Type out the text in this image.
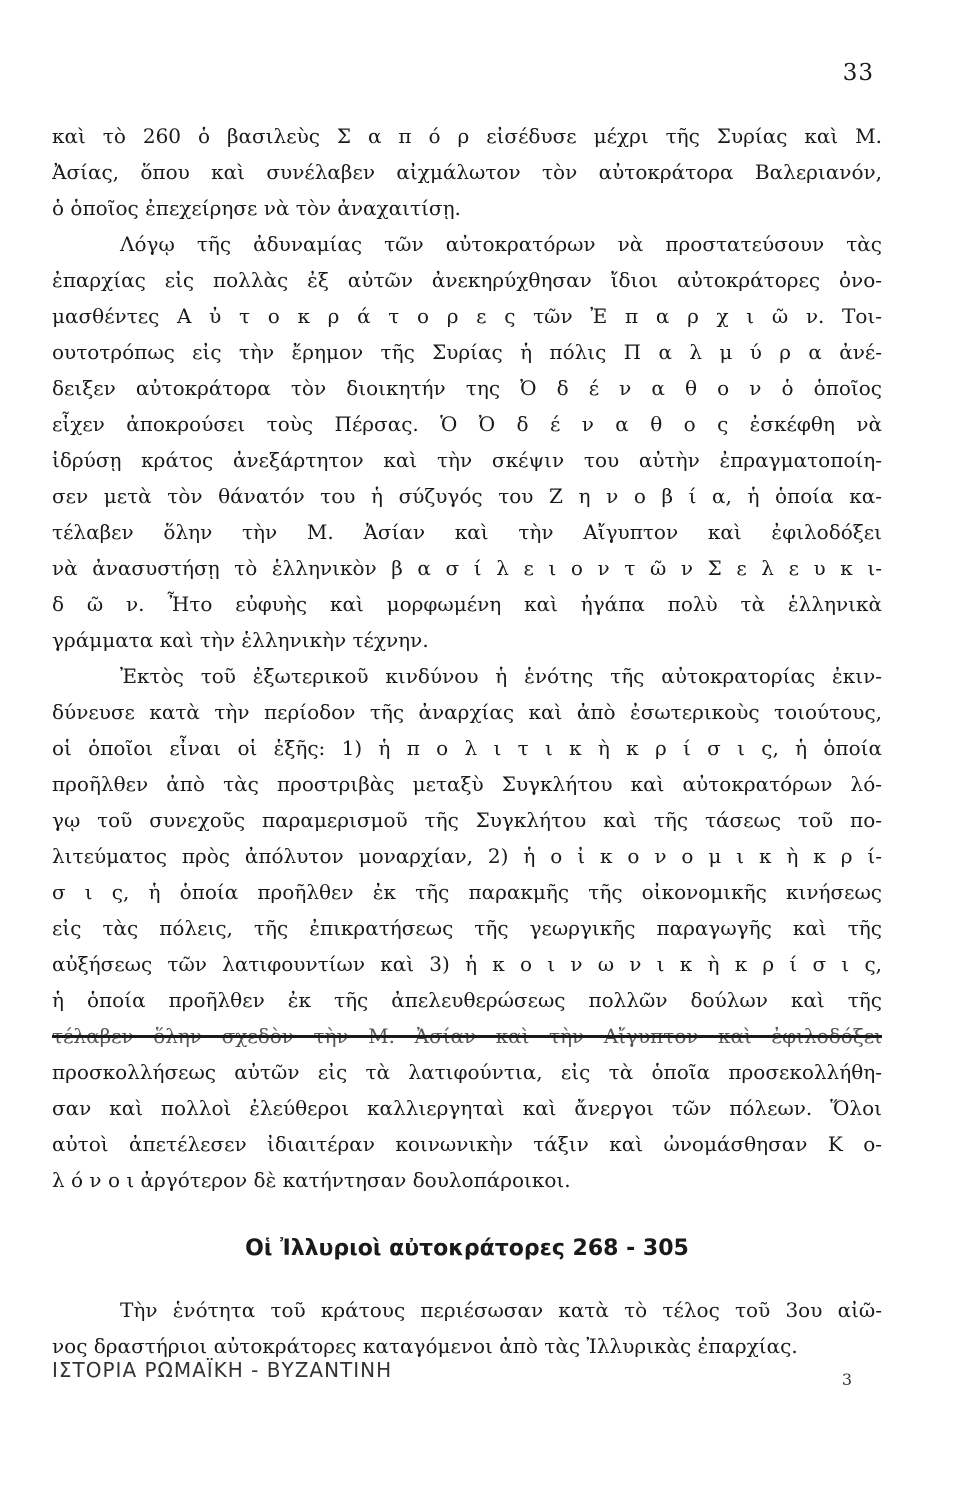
33
καὶ τὸ 260 ὁ βασιλεὺς Σ α π ό ρ εἰσέδυσε μέχρι τῆς Συρίας καὶ Μ.
Ἀσίας, ὅπου καὶ συνέλαβεν αἰχμάλωτον τὸν αὐτοκράτορα Βαλεριανόν,
ὁ ὁποῖος ἐπεχείρησε νὰ τὸν ἀναχαιτίσῃ.
Λόγῳ τῆς ἀδυναμίας τῶν αὐτοκρατόρων νὰ προστατεύσουν τὰς
ἐπαρχίας εἰς πολλὰς ἐξ αὐτῶν ἀνεκηρύχθησαν ἴδιοι αὐτοκράτορες ὀνο-
μασθέντες Α ὐ τ ο κ ρ ά τ ο ρ ε ς τῶν Ἐ π α ρ χ ι ῶ ν. Τοι-
ουτοτρόπως εἰς τὴν ἔρημον τῆς Συρίας ἡ πόλις Π α λ μ ύ ρ α ἀνέ-
δειξεν αὐτοκράτορα τὸν διοικητήν της Ὀ δ έ ν α θ ο ν ὁ ὁποῖος
εἶχεν ἀποκρούσει τοὺς Πέρσας. Ὁ Ὀ δ έ ν α θ ο ς ἐσκέφθη νὰ
ἱδρύσῃ κράτος ἀνεξάρτητον καὶ τὴν σκέψιν του αὐτὴν ἐπραγματοποίη-
σεν μετὰ τὸν θάνατόν του ἡ σύζυγός του Ζ η ν ο β ί α, ἡ ὁποία κα-
τέλαβεν ὅλην τὴν Μ. Ἀσίαν καὶ τὴν Αἴγυπτον καὶ ἐφιλοδόξει
νὰ ἀνασυστήσῃ τὸ ἑλληνικὸν β α σ ί λ ε ι ο ν τ ῶ ν Σ ε λ ε υ κ ι-
δ ῶ ν. Ἦτο εὐφυὴς καὶ μορφωμένη καὶ ἠγάπα πολὺ τὰ ἑλληνικὰ
γράμματα καὶ τὴν ἑλληνικὴν τέχνην.
Ἐκτὸς τοῦ ἐξωτερικοῦ κινδύνου ἡ ἑνότης τῆς αὐτοκρατορίας ἐκιν-
δύνευσε κατὰ τὴν περίοδον τῆς ἀναρχίας καὶ ἀπὸ ἐσωτερικοὺς τοιούτους,
οἱ ὁποῖοι εἶναι οἱ ἑξῆς: 1) ἡ π ο λ ι τ ι κ ὴ κ ρ ί σ ι ς, ἡ ὁποία
προῆλθεν ἀπὸ τὰς προστριβὰς μεταξὺ Συγκλήτου καὶ αὐτοκρατόρων λό-
γῳ τοῦ συνεχοῦς παραμερισμοῦ τῆς Συγκλήτου καὶ τῆς τάσεως τοῦ πο-
λιτεύματος πρὸς ἀπόλυτον μοναρχίαν, 2) ἡ ο ἰ κ ο ν ο μ ι κ ὴ κ ρ ί-
σ ι ς, ἡ ὁποία προῆλθεν ἐκ τῆς παρακμῆς τῆς οἰκονομικῆς κινήσεως
εἰς τὰς πόλεις, τῆς ἐπικρατήσεως τῆς γεωργικῆς παραγωγῆς καὶ τῆς
αὐξήσεως τῶν λατιφουντίων καὶ 3) ἡ κ ο ι ν ω ν ι κ ὴ κ ρ ί σ ι ς,
ἡ ὁποία προῆλθεν ἐκ τῆς ἀπελευθερώσεως πολλῶν δούλων καὶ τῆς
τέλαβεν ὅλην σχεδὸν τὴν Μ. Ἀσίαν καὶ τὴν Αἴγυπτον καὶ ἐφιλοδόξει
προσκολλήσεως αὐτῶν εἰς τὰ λατιφούντια, εἰς τὰ ὁποῖα προσεκολλήθη-
σαν καὶ πολλοὶ ἐλεύθεροι καλλιεργηταὶ καὶ ἄνεργοι τῶν πόλεων. Ὅλοι
αὐτοὶ ἀπετέλεσεν ἰδιαιτέραν κοινωνικὴν τάξιν καὶ ὠνομάσθησαν Κ ο-
λ ό ν ο ι ἀργότερον δὲ κατήντησαν δουλοπάροικοι.
Οἱ Ἰλλυριοὶ αὐτοκράτορες 268 - 305
Τὴν ἑνότητα τοῦ κράτους περιέσωσαν κατὰ τὸ τέλος τοῦ 3ου αἰῶ-
νος δραστήριοι αὐτοκράτορες καταγόμενοι ἀπὸ τὰς Ἰλλυρικὰς ἐπαρχίας.
ΙΣΤΟΡΙΑ ΡΩΜΑΪΚΗ - ΒΥΖΑΝΤΙΝΗ	3
